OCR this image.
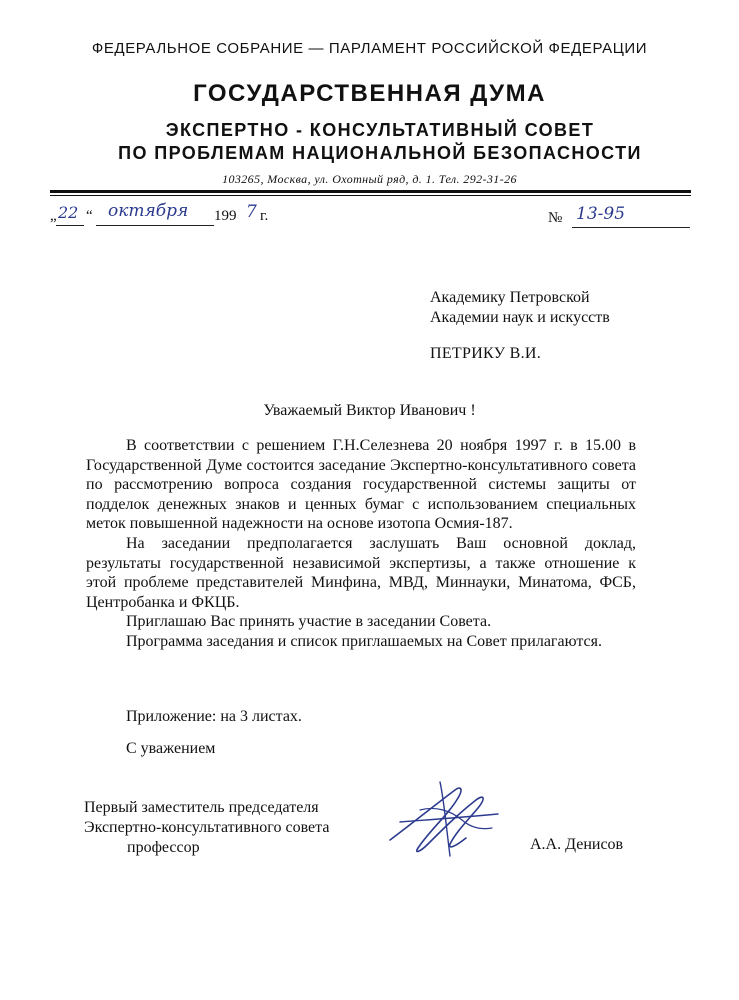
ФЕДЕРАЛЬНОЕ СОБРАНИЕ — ПАРЛАМЕНТ РОССИЙСКОЙ ФЕДЕРАЦИИ
ГОСУДАРСТВЕННАЯ ДУМА
ЭКСПЕРТНО - КОНСУЛЬТАТИВНЫЙ СОВЕТ
ПО ПРОБЛЕМАМ НАЦИОНАЛЬНОЙ БЕЗОПАСНОСТИ
103265, Москва, ул. Охотный ряд, д. 1. Тел. 292-31-26
„ 22 “ октября 199 7 г.	№ 13-95
Академику Петровской
Академии наук и искусств
ПЕТРИКУ В.И.
Уважаемый Виктор Иванович !

В соответствии с решением Г.Н.Селезнева 20 ноября 1997 г. в 15.00 в Государственной Думе состоится заседание Экспертно-консультативного совета по рассмотрению вопроса создания государственной системы защиты от подделок денежных знаков и ценных бумаг с использованием специальных меток повышенной надежности на основе изотопа Осмия-187.

На заседании предполагается заслушать Ваш основной доклад, результаты государственной независимой экспертизы, а также отношение к этой проблеме представителей Минфина, МВД, Миннауки, Минатома, ФСБ, Центробанка и ФКЦБ.

Приглашаю Вас принять участие в заседании Совета.

Программа заседания и список приглашаемых на Совет прилагаются.

Приложение: на 3 листах.
С уважением
Первый заместитель председателя
Экспертно-консультативного совета
профессор	А.А. Денисов
